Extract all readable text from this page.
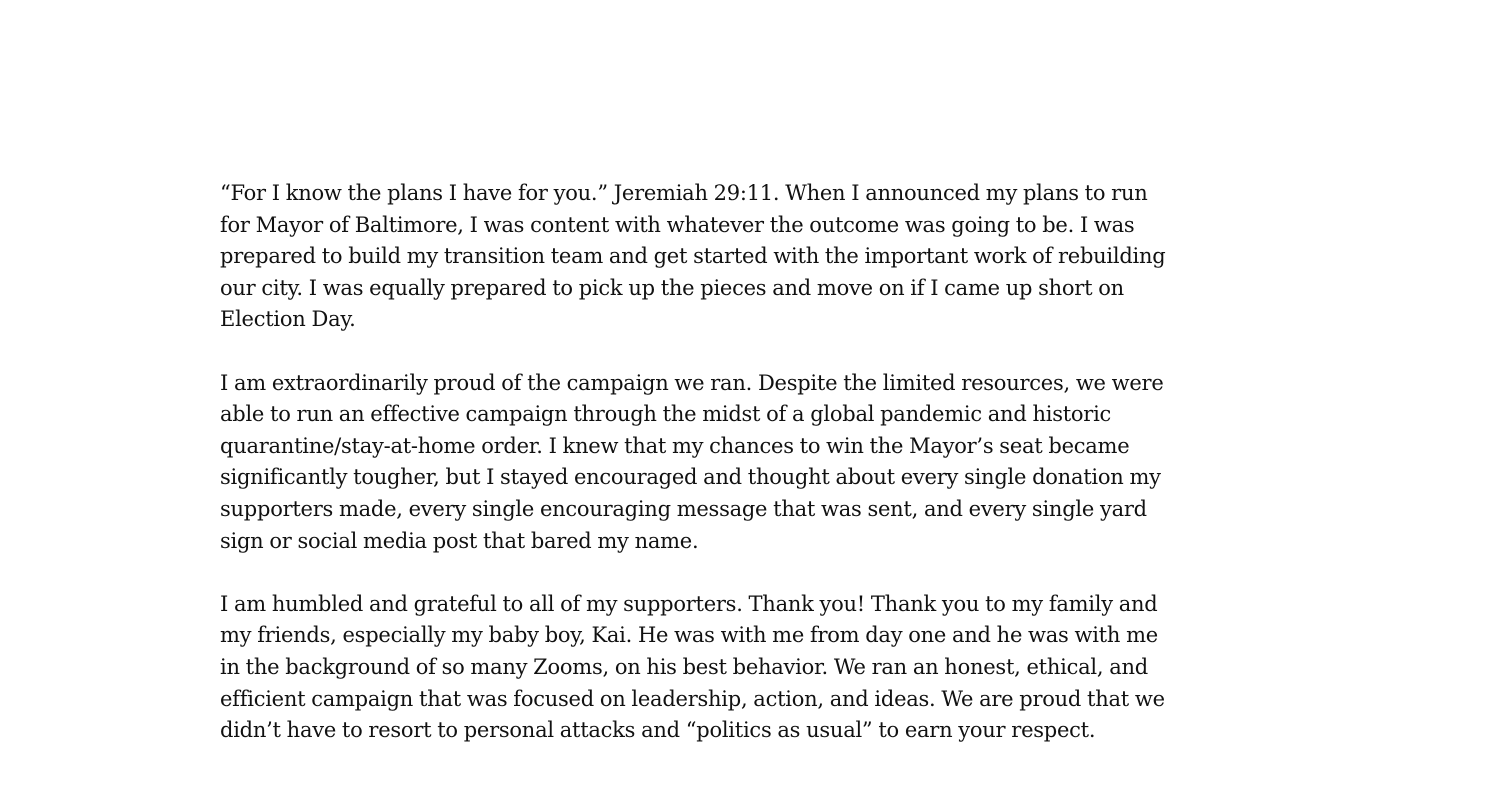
“For I know the plans I have for you.” Jeremiah 29:11. When I announced my plans to run
for Mayor of Baltimore, I was content with whatever the outcome was going to be. I was
prepared to build my transition team and get started with the important work of rebuilding
our city. I was equally prepared to pick up the pieces and move on if I came up short on
Election Day.
I am extraordinarily proud of the campaign we ran. Despite the limited resources, we were
able to run an effective campaign through the midst of a global pandemic and historic
quarantine/stay-at-home order. I knew that my chances to win the Mayor’s seat became
significantly tougher, but I stayed encouraged and thought about every single donation my
supporters made, every single encouraging message that was sent, and every single yard
sign or social media post that bared my name.
I am humbled and grateful to all of my supporters. Thank you! Thank you to my family and
my friends, especially my baby boy, Kai. He was with me from day one and he was with me
in the background of so many Zooms, on his best behavior. We ran an honest, ethical, and
efficient campaign that was focused on leadership, action, and ideas. We are proud that we
didn’t have to resort to personal attacks and “politics as usual” to earn your respect.
